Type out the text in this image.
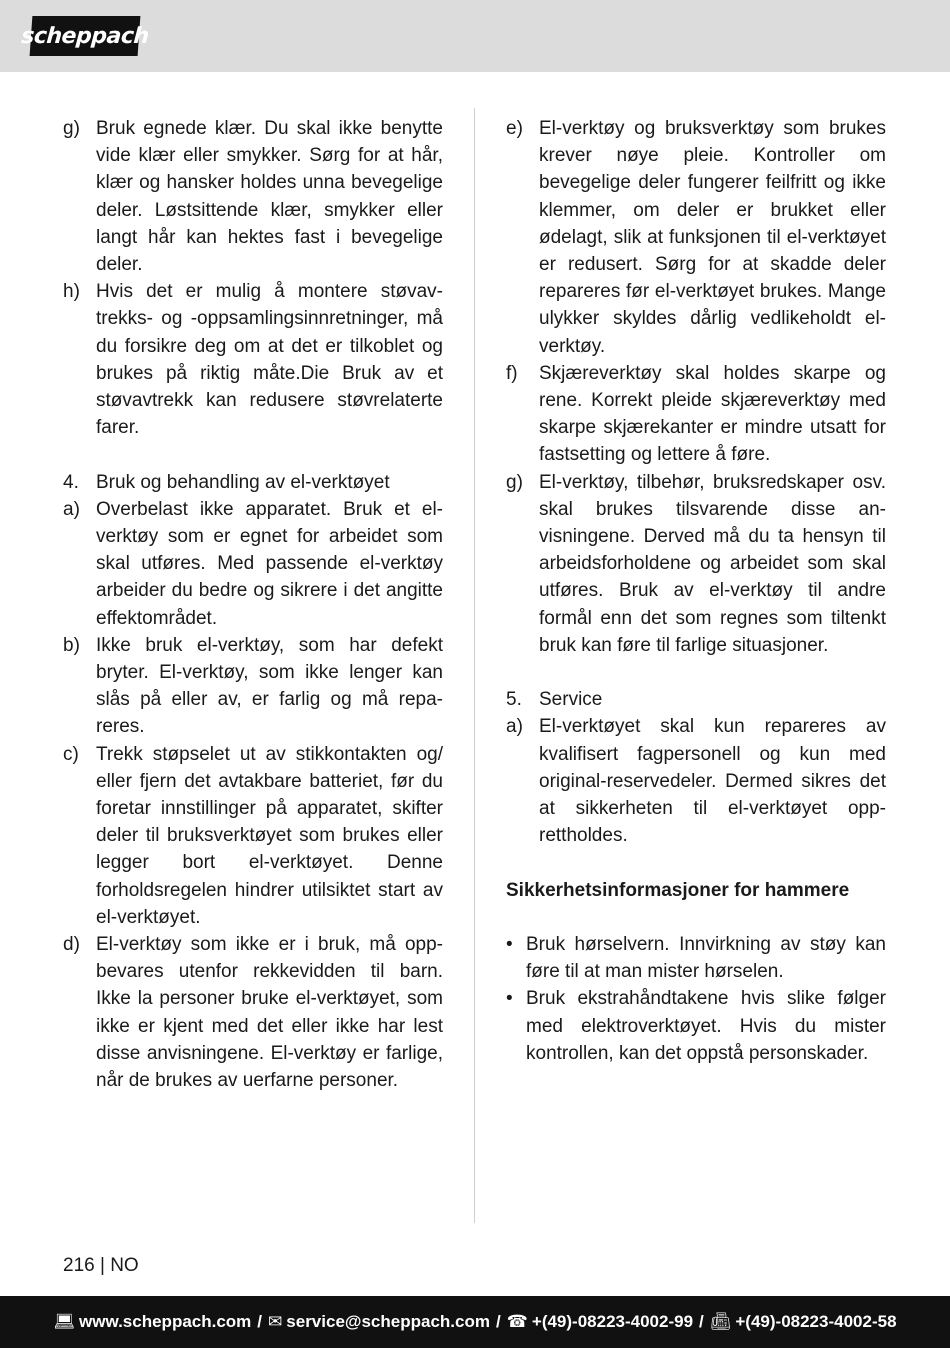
scheppach
g) Bruk egnede klær. Du skal ikke benytte vide klær eller smykker. Sørg for at hår, klær og hansker holdes unna bevegelige deler. Løstsittende klær, smykker eller langt hår kan hektes fast i bevegelige deler.
h) Hvis det er mulig å montere støvavtrekks- og -oppsamlingsinnretninger, må du forsikre deg om at det er tilkoblet og brukes på riktig måte.Die Bruk av et støvavtrekk kan redusere støvrelaterte farer.
4. Bruk og behandling av el-verktøyet
a) Overbelast ikke apparatet. Bruk et el-verktøy som er egnet for arbeidet som skal utføres. Med passende el-verktøy arbeider du bedre og sikrere i det angitte effektområdet.
b) Ikke bruk el-verktøy, som har defekt bryter. El-verktøy, som ikke lenger kan slås på eller av, er farlig og må repareres.
c) Trekk støpselet ut av stikkontakten og/ eller fjern det avtakbare batteriet, før du foretar innstillinger på apparatet, skifter deler til bruksverktøyet som brukes eller legger bort el-verktøyet. Denne forholdsregelen hindrer utilsiktet start av el-verktøyet.
d) El-verktøy som ikke er i bruk, må oppbevares utenfor rekkevidden til barn. Ikke la personer bruke el-verktøyet, som ikke er kjent med det eller ikke har lest disse anvisningene. El-verktøy er farlige, når de brukes av uerfarne personer.
e) El-verktøy og bruksverktøy som brukes krever nøye pleie. Kontroller om bevegelige deler fungerer feilfritt og ikke klemmer, om deler er brukket eller ødelagt, slik at funksjonen til el-verktøyet er redusert. Sørg for at skadde deler repareres før el-verktøyet brukes. Mange ulykker skyldes dårlig vedlikeholdt el-verktøy.
f)	Skjæreverktøy skal holdes skarpe og rene. Korrekt pleide skjæreverktøy med skarpe skjærekanter er mindre utsatt for fastsetting og lettere å føre.
g) El-verktøy, tilbehør, bruksredskaper osv. skal brukes tilsvarende disse anvisningene. Derved må du ta hensyn til arbeidsforholdene og arbeidet som skal utføres. Bruk av el-verktøy til andre formål enn det som regnes som tiltenkt bruk kan føre til farlige situasjoner.
5. Service
a) El-verktøyet skal kun repareres av kvalifisert fagpersonell og kun med original-reservedeler. Dermed sikres det at sikkerheten til el-verktøyet opprettholdes.
Sikkerhetsinformasjoner for hammere
• Bruk hørselvern. Innvirkning av støy kan føre til at man mister hørselen.
• Bruk ekstrahåndtakene hvis slike følger med elektroverktøyet. Hvis du mister kontrollen, kan det oppstå personskader.
216 | NO
💻︎ www.scheppach.com / ✉︎ service@scheppach.com / ☎︎ +(49)-08223-4002-99 / 📠︎ +(49)-08223-4002-58
